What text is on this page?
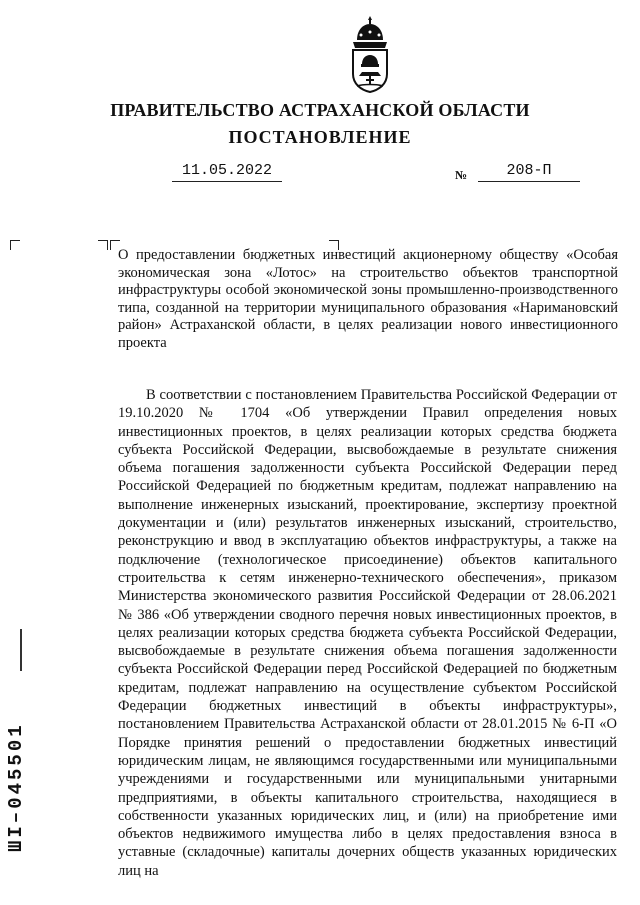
ПРАВИТЕЛЬСТВО АСТРАХАНСКОЙ ОБЛАСТИ
ПОСТАНОВЛЕНИЕ
11.05.2022	№	208-П
О предоставлении бюджетных инвестиций акционерному обществу «Особая экономическая зона «Лотос» на строительство объектов транспортной инфраструктуры особой экономической зоны промышленно-производственного типа, созданной на территории муниципального образования «Наримановский район» Астраханской области, в целях реализации нового инвестиционного проекта

В соответствии с постановлением Правительства Российской Федерации от 19.10.2020 № 1704 «Об утверждении Правил определения новых инвестиционных проектов, в целях реализации которых средства бюджета субъекта Российской Федерации, высвобождаемые в результате снижения объема погашения задолженности субъекта Российской Федерации перед Российской Федерацией по бюджетным кредитам, подлежат направлению на выполнение инженерных изысканий, проектирование, экспертизу проектной документации и (или) результатов инженерных изысканий, строительство, реконструкцию и ввод в эксплуатацию объектов инфраструктуры, а также на подключение (технологическое присоединение) объектов капитального строительства к сетям инженерно-технического обеспечения», приказом Министерства экономического развития Российской Федерации от 28.06.2021 № 386 «Об утверждении сводного перечня новых инвестиционных проектов, в целях реализации которых средства бюджета субъекта Российской Федерации, высвобождаемые в результате снижения объема погашения задолженности субъекта Российской Федерации перед Российской Федерацией по бюджетным кредитам, подлежат направлению на осуществление субъектом Российской Федерации бюджетных инвестиций в объекты инфраструктуры», постановлением Правительства Астраханской области от 28.01.2015 № 6-П «О Порядке принятия решений о предоставлении бюджетных инвестиций юридическим лицам, не являющимся государственными или муниципальными учреждениями и государственными или муниципальными унитарными предприятиями, в объекты капитального строительства, находящиеся в собственности указанных юридических лиц, и (или) на приобретение ими объектов недвижимого имущества либо в целях предоставления взноса в уставные (складочные) капиталы дочерних обществ указанных юридических лиц на

ШI–045501
